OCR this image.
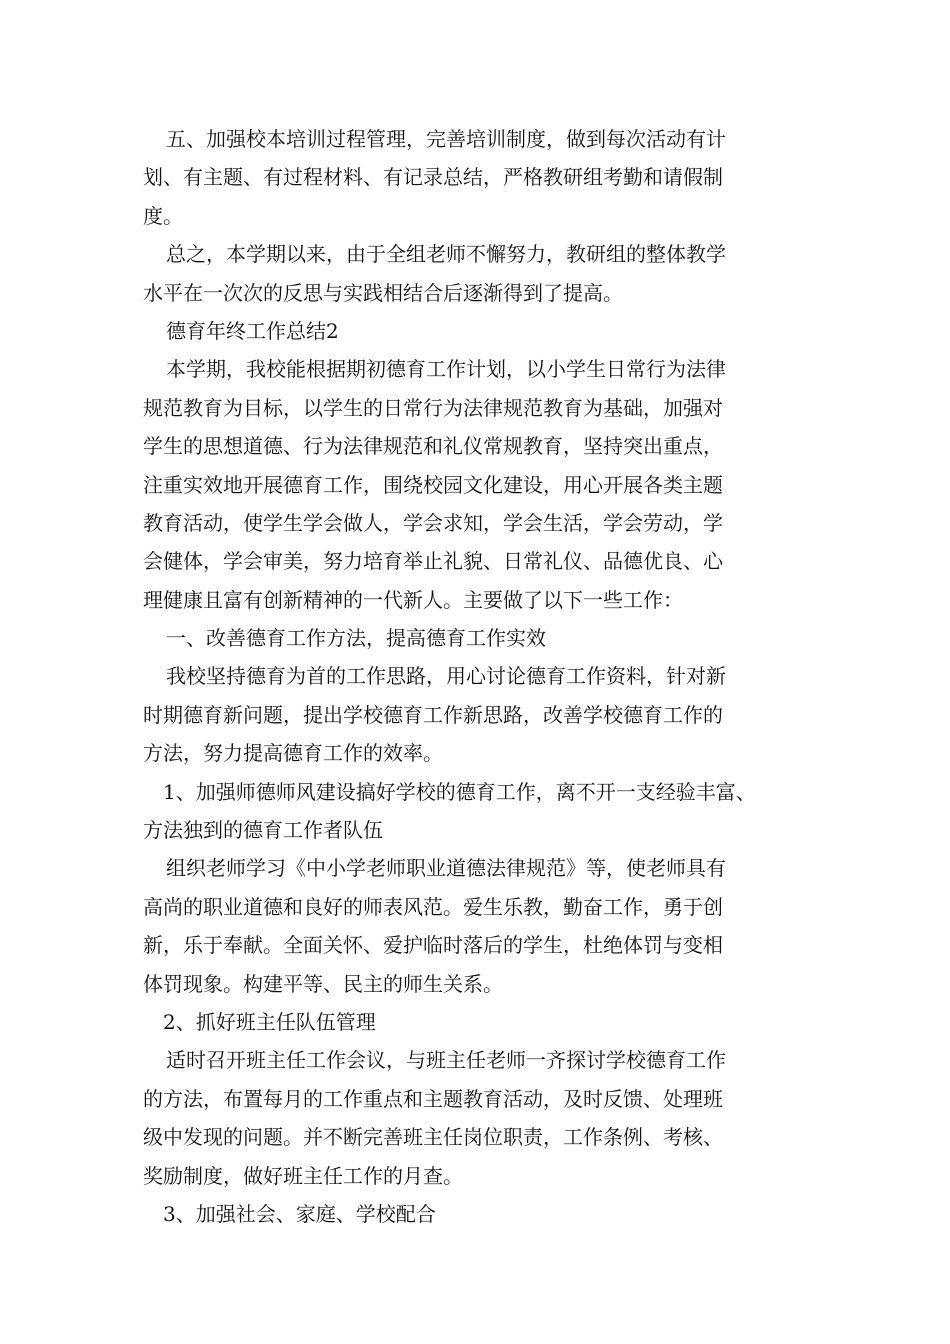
五、加强校本培训过程管理，完善培训制度，做到每次活动有计
划、有主题、有过程材料、有记录总结，严格教研组考勤和请假制
度。
总之，本学期以来，由于全组老师不懈努力，教研组的整体教学
水平在一次次的反思与实践相结合后逐渐得到了提高。
德育年终工作总结2
本学期，我校能根据期初德育工作计划，以小学生日常行为法律
规范教育为目标，以学生的日常行为法律规范教育为基础，加强对
学生的思想道德、行为法律规范和礼仪常规教育，坚持突出重点，
注重实效地开展德育工作，围绕校园文化建设，用心开展各类主题
教育活动，使学生学会做人，学会求知，学会生活，学会劳动，学
会健体，学会审美，努力培育举止礼貌、日常礼仪、品德优良、心
理健康且富有创新精神的一代新人。主要做了以下一些工作：
一、改善德育工作方法，提高德育工作实效
我校坚持德育为首的工作思路，用心讨论德育工作资料，针对新
时期德育新问题，提出学校德育工作新思路，改善学校德育工作的
方法，努力提高德育工作的效率。
1、加强师德师风建设搞好学校的德育工作，离不开一支经验丰富、
方法独到的德育工作者队伍
组织老师学习《中小学老师职业道德法律规范》等，使老师具有
高尚的职业道德和良好的师表风范。爱生乐教，勤奋工作，勇于创
新，乐于奉献。全面关怀、爱护临时落后的学生，杜绝体罚与变相
体罚现象。构建平等、民主的师生关系。
2、抓好班主任队伍管理
适时召开班主任工作会议，与班主任老师一齐探讨学校德育工作
的方法，布置每月的工作重点和主题教育活动，及时反馈、处理班
级中发现的问题。并不断完善班主任岗位职责，工作条例、考核、
奖励制度，做好班主任工作的月查。
3、加强社会、家庭、学校配合
